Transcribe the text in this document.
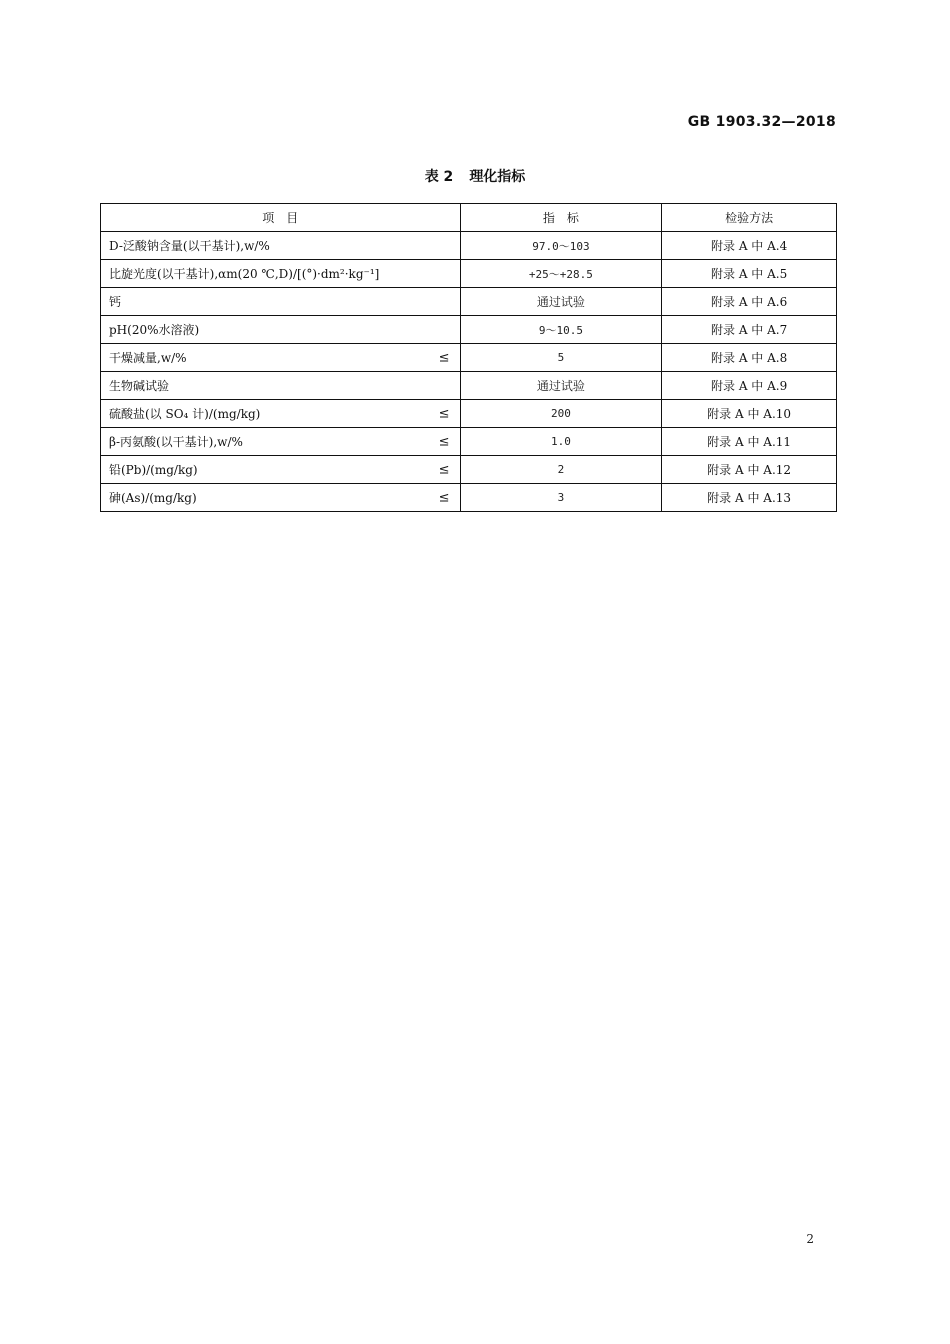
GB 1903.32—2018
表 2 理化指标
项　目	指　标	检验方法
D-泛酸钠含量(以干基计),w/%	97.0～103	附录 A 中 A.4
比旋光度(以干基计),αm(20 ℃,D)/[(°)·dm²·kg⁻¹]	+25～+28.5	附录 A 中 A.5
钙	通过试验	附录 A 中 A.6
pH(20%水溶液)	9～10.5	附录 A 中 A.7
干燥减量,w/% ≤	5	附录 A 中 A.8
生物碱试验	通过试验	附录 A 中 A.9
硫酸盐(以 SO₄ 计)/(mg/kg) ≤	200	附录 A 中 A.10
β-丙氨酸(以干基计),w/% ≤	1.0	附录 A 中 A.11
铅(Pb)/(mg/kg) ≤	2	附录 A 中 A.12
砷(As)/(mg/kg) ≤	3	附录 A 中 A.13
2
